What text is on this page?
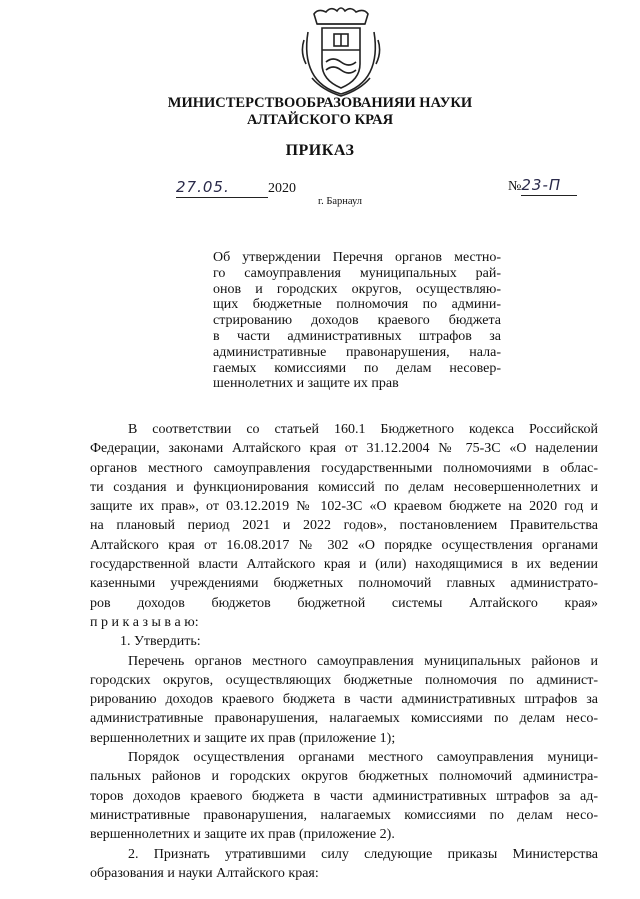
МИНИСТЕРСТВООБРАЗОВАНИЯИ НАУКИ
АЛТАЙСКОГО КРАЯ
ПРИКАЗ
27.05.	2020	№23-П
г. Барнаул
Об утверждении Перечня органов местно-
го самоуправления муниципальных рай-
онов и городских округов, осуществляю-
щих бюджетные полномочия по админи-
стрированию доходов краевого бюджета
в части административных штрафов за
административные правонарушения, нала-
гаемых комиссиями по делам несовер-
шеннолетних и защите их прав

В соответствии со статьей 160.1 Бюджетного кодекса Российской
Федерации, законами Алтайского края от 31.12.2004 № 75-ЗС «О наделении
органов местного самоуправления государственными полномочиями в облас-
ти создания и функционирования комиссий по делам несовершеннолетних и
защите их прав», от 03.12.2019 № 102-ЗС «О краевом бюджете на 2020 год и
на плановый период 2021 и 2022 годов», постановлением Правительства
Алтайского края от 16.08.2017 № 302 «О порядке осуществления органами
государственной власти Алтайского края и (или) находящимися в их ведении
казенными учреждениями бюджетных полномочий главных администрато-
ров доходов бюджетов бюджетной системы Алтайского края»
п р и к а з ы в а ю:

1. Утвердить:

Перечень органов местного самоуправления муниципальных районов и
городских округов, осуществляющих бюджетные полномочия по админист-
рированию доходов краевого бюджета в части административных штрафов за
административные правонарушения, налагаемых комиссиями по делам несо-
вершеннолетних и защите их прав (приложение 1);

Порядок осуществления органами местного самоуправления муници-
пальных районов и городских округов бюджетных полномочий администра-
торов доходов краевого бюджета в части административных штрафов за ад-
министративные правонарушения, налагаемых комиссиями по делам несо-
вершеннолетних и защите их прав (приложение 2).

2. Признать утратившими силу следующие приказы Министерства
образования и науки Алтайского края:
